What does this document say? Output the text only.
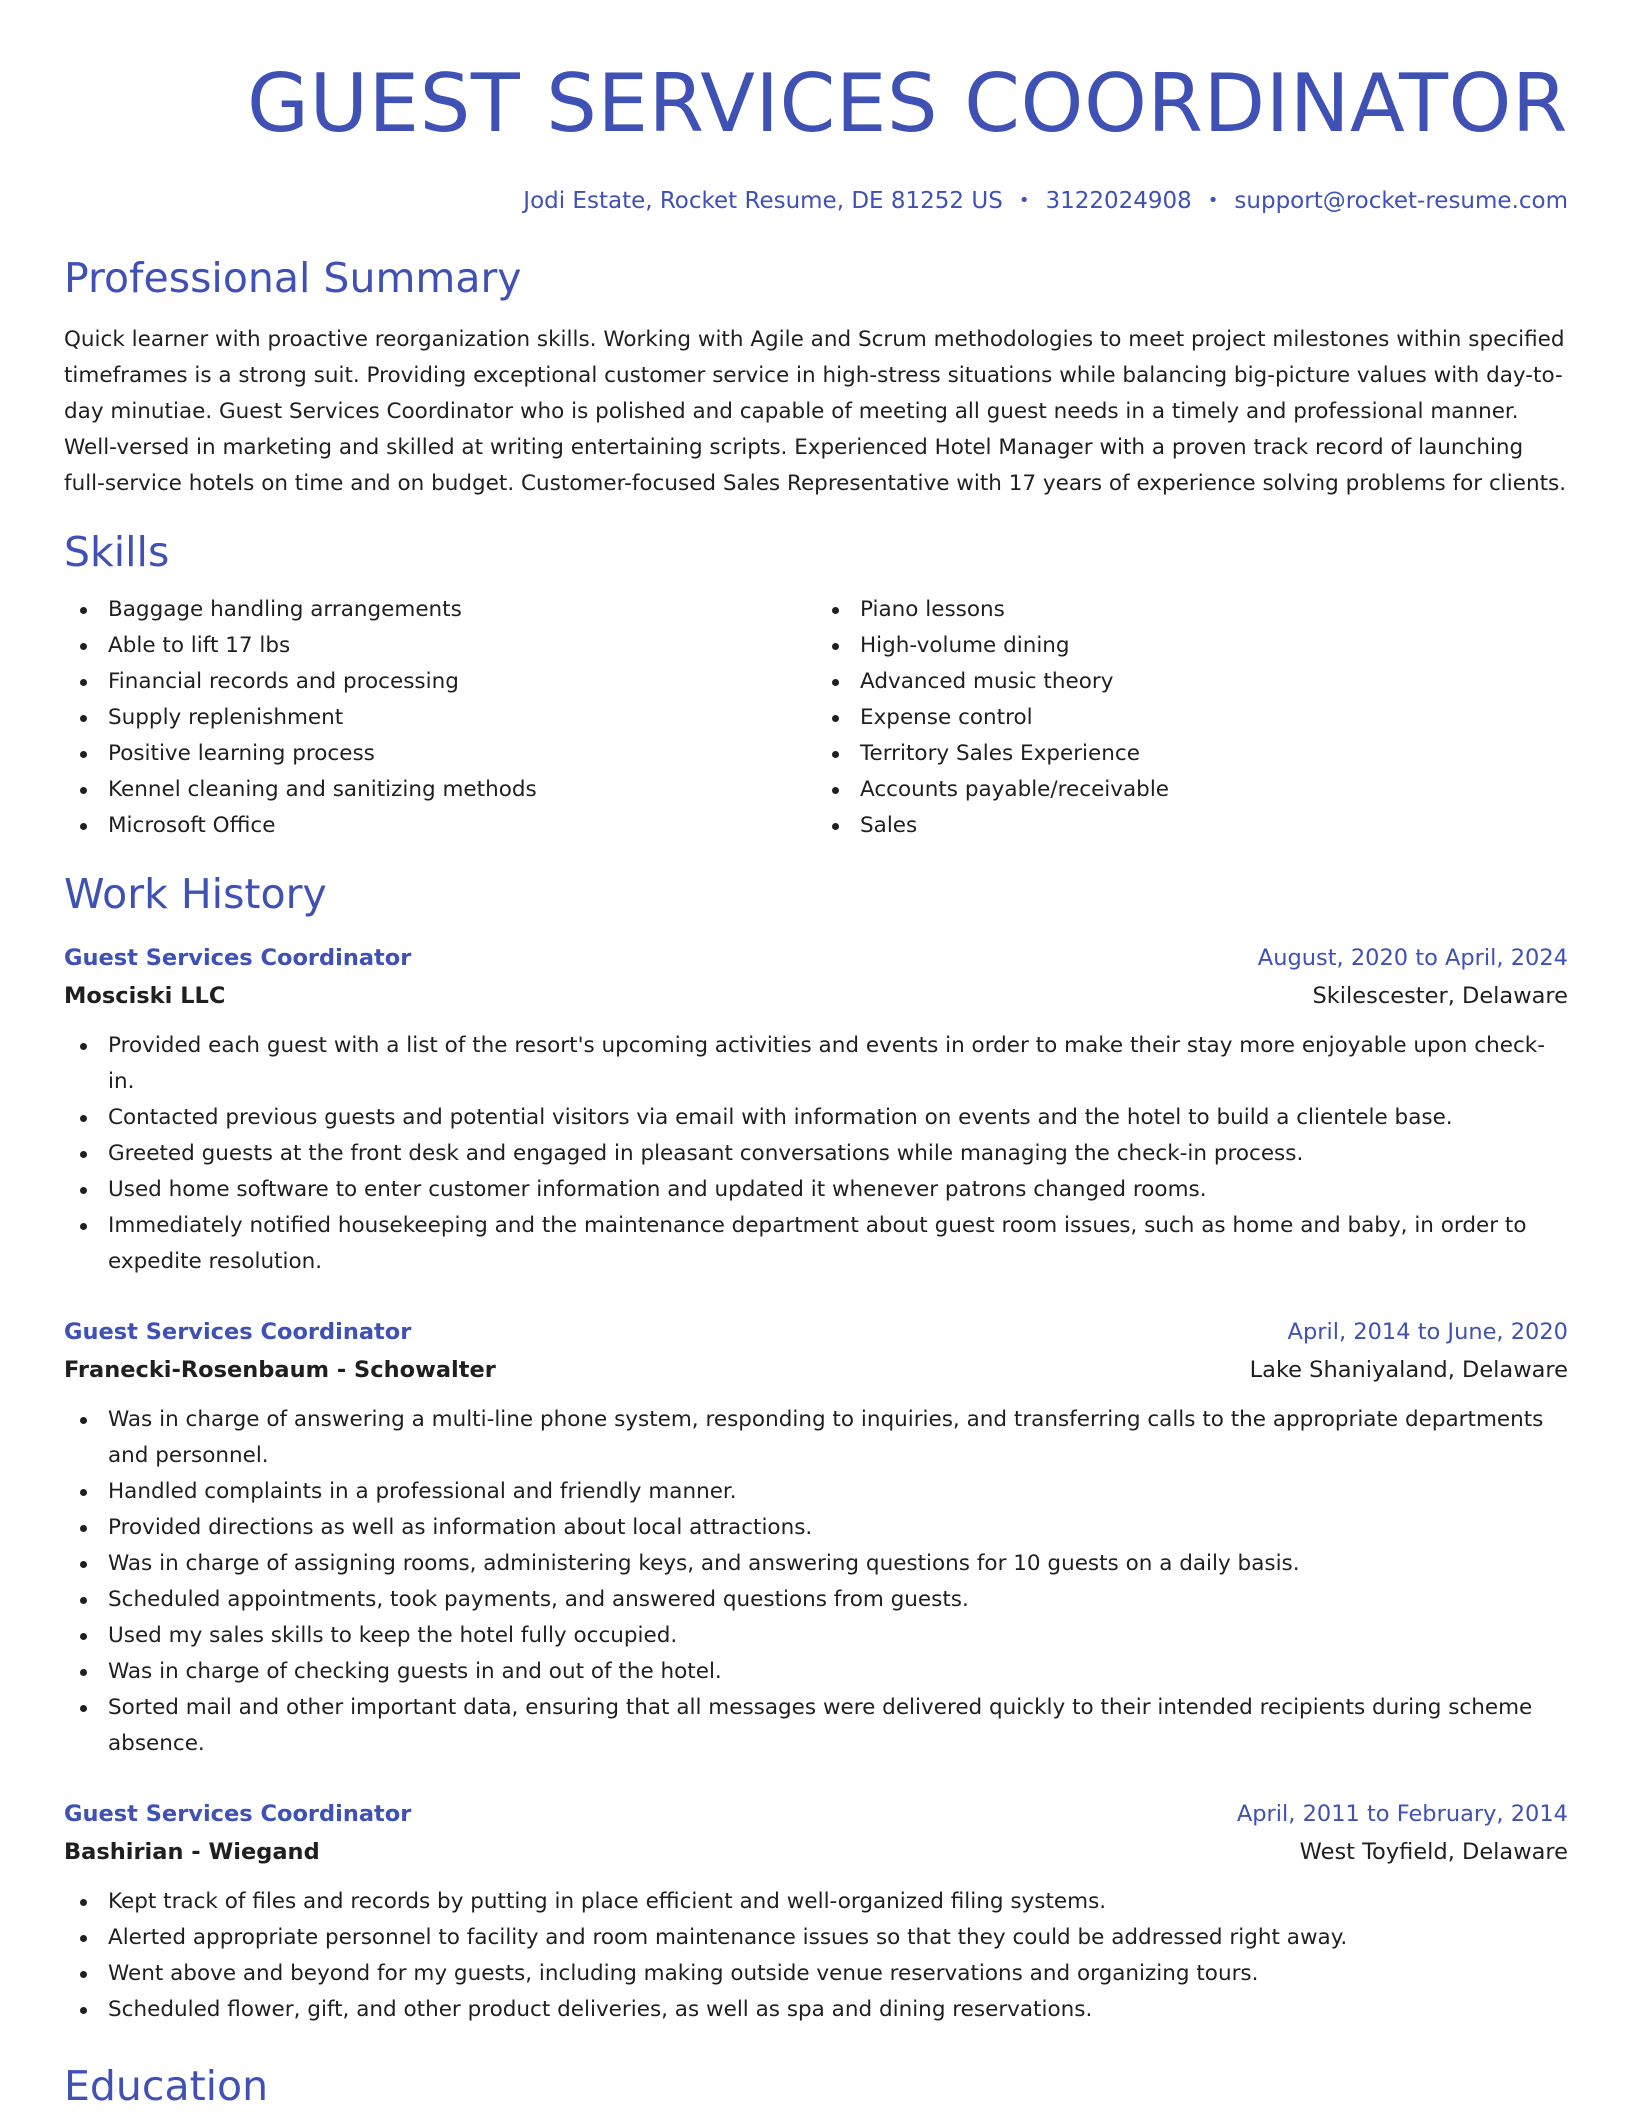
GUEST SERVICES COORDINATOR
Jodi Estate, Rocket Resume, DE 81252 US • 3122024908 • support@rocket-resume.com
Professional Summary

Quick learner with proactive reorganization skills. Working with Agile and Scrum methodologies to meet project milestones within specified timeframes is a strong suit. Providing exceptional customer service in high-stress situations while balancing big-picture values with day-to-day minutiae. Guest Services Coordinator who is polished and capable of meeting all guest needs in a timely and professional manner. Well-versed in marketing and skilled at writing entertaining scripts. Experienced Hotel Manager with a proven track record of launching full-service hotels on time and on budget. Customer-focused Sales Representative with 17 years of experience solving problems for clients.

Skills
Baggage handling arrangements
Able to lift 17 lbs
Financial records and processing
Supply replenishment
Positive learning process
Kennel cleaning and sanitizing methods
Microsoft Office
Piano lessons
High-volume dining
Advanced music theory
Expense control
Territory Sales Experience
Accounts payable/receivable
Sales
Work History
Guest Services Coordinator	August, 2020 to April, 2024
Mosciski LLC	Skilescester, Delaware
Provided each guest with a list of the resort's upcoming activities and events in order to make their stay more enjoyable upon check-in.
Contacted previous guests and potential visitors via email with information on events and the hotel to build a clientele base.
Greeted guests at the front desk and engaged in pleasant conversations while managing the check-in process.
Used home software to enter customer information and updated it whenever patrons changed rooms.
Immediately notified housekeeping and the maintenance department about guest room issues, such as home and baby, in order to expedite resolution.
Guest Services Coordinator	April, 2014 to June, 2020
Franecki-Rosenbaum - Schowalter	Lake Shaniyaland, Delaware
Was in charge of answering a multi-line phone system, responding to inquiries, and transferring calls to the appropriate departments and personnel.
Handled complaints in a professional and friendly manner.
Provided directions as well as information about local attractions.
Was in charge of assigning rooms, administering keys, and answering questions for 10 guests on a daily basis.
Scheduled appointments, took payments, and answered questions from guests.
Used my sales skills to keep the hotel fully occupied.
Was in charge of checking guests in and out of the hotel.
Sorted mail and other important data, ensuring that all messages were delivered quickly to their intended recipients during scheme absence.
Guest Services Coordinator	April, 2011 to February, 2014
Bashirian - Wiegand	West Toyfield, Delaware
Kept track of files and records by putting in place efficient and well-organized filing systems.
Alerted appropriate personnel to facility and room maintenance issues so that they could be addressed right away.
Went above and beyond for my guests, including making outside venue reservations and organizing tours.
Scheduled flower, gift, and other product deliveries, as well as spa and dining reservations.
Education
